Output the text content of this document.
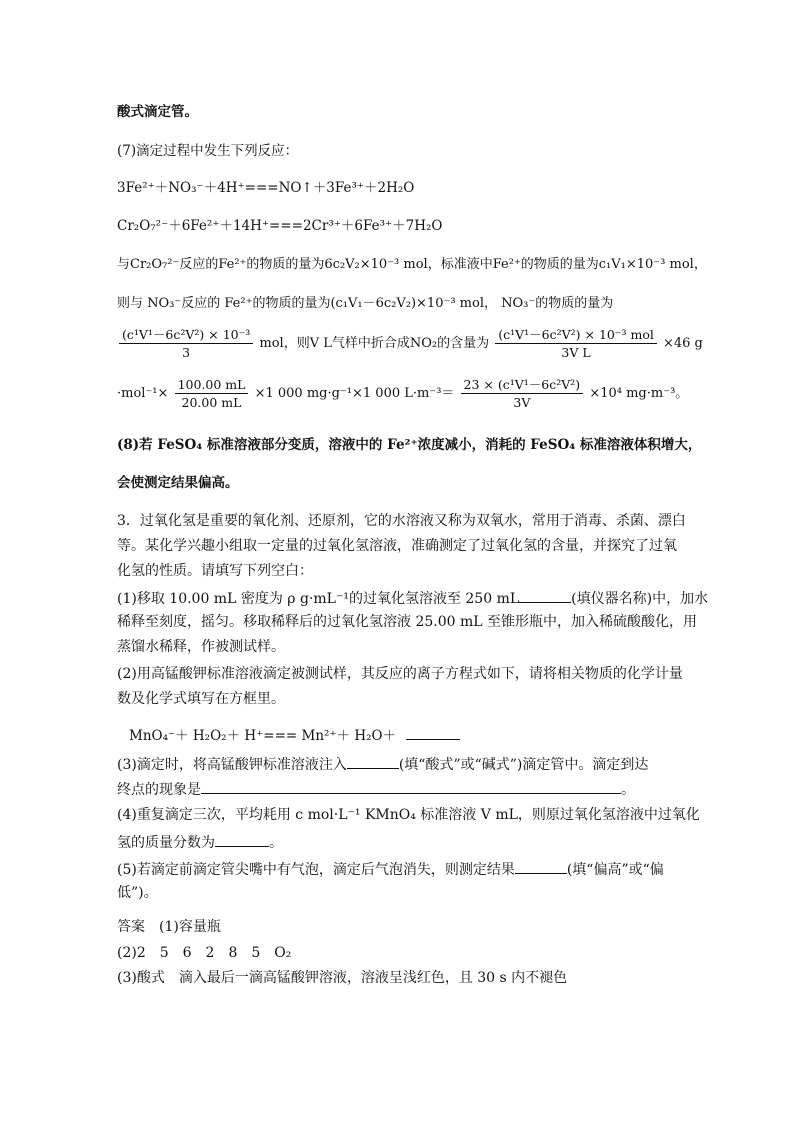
酸式滴定管。
(7)滴定过程中发生下列反应：
3Fe²⁺＋NO₃⁻＋4H⁺===NO↑＋3Fe³⁺＋2H₂O
Cr₂O₇²⁻＋6Fe²⁺＋14H⁺===2Cr³⁺＋6Fe³⁺＋7H₂O
与Cr₂O₇²⁻反应的Fe²⁺的物质的量为6c₂V₂×10⁻³ mol，标准液中Fe²⁺的物质的量为c₁V₁×10⁻³ mol，
则与 NO₃⁻反应的 Fe²⁺的物质的量为(c₁V₁－6c₂V₂)×10⁻³ mol， NO₃⁻的物质的量为
$\frac{\text{(c¹V¹－6c²V²) × 10⁻³}}{3}$ mol，则V L气样中折合成NO₂的含量为 $\frac{\text{(c¹V¹－6c²V²) × 10⁻³ mol}}{\text{3V L}} \times 46$ g
$\cdot mol^{-1}\times \frac{100.00 mL}{20.00 mL} \times 1$ 000 mg·g⁻¹×1 000 $L\cdot m^{-3}= \frac{\text{23 × (c¹V¹－6c²V²)}}{3V} \times 10^4$ mg·m⁻³。
(8)若 FeSO₄ 标准溶液部分变质，溶液中的 Fe²⁺浓度减小，消耗的 FeSO₄ 标准溶液体积增大，
会使测定结果偏高。
3．过氧化氢是重要的氧化剂、还原剂，它的水溶液又称为双氧水，常用于消毒、杀菌、漂白
等。某化学兴趣小组取一定量的过氧化氢溶液，准确测定了过氧化氢的含量，并探究了过氧
化氢的性质。请填写下列空白：
(1)移取 10.00 mL 密度为 ρ g·mL⁻¹的过氧化氢溶液至 250 mL	(填仪器名称)中，加水
稀释至刻度，摇匀。移取稀释后的过氧化氢溶液 25.00 mL 至锥形瓶中，加入稀硫酸酸化，用
蒸馏水稀释，作被测试样。
(2)用高锰酸钾标准溶液滴定被测试样，其反应的离子方程式如下，请将相关物质的化学计量
数及化学式填写在方框里。
MnO₄⁻＋ H₂O₂＋ H⁺=== Mn²⁺＋ H₂O＋
(3)滴定时，将高锰酸钾标准溶液注入	(填“酸式”或“碱式”)滴定管中。滴定到达
终点的现象是	。
(4)重复滴定三次，平均耗用 c mol·L⁻¹ KMnO₄ 标准溶液 V mL，则原过氧化氢溶液中过氧化
氢的质量分数为	。
(5)若滴定前滴定管尖嘴中有气泡，滴定后气泡消失，则测定结果	(填“偏高”或“偏
低”)。
答案　(1)容量瓶
(2)2　5　6　2　8　5　O₂
(3)酸式　滴入最后一滴高锰酸钾溶液，溶液呈浅红色，且 30 s 内不褪色
